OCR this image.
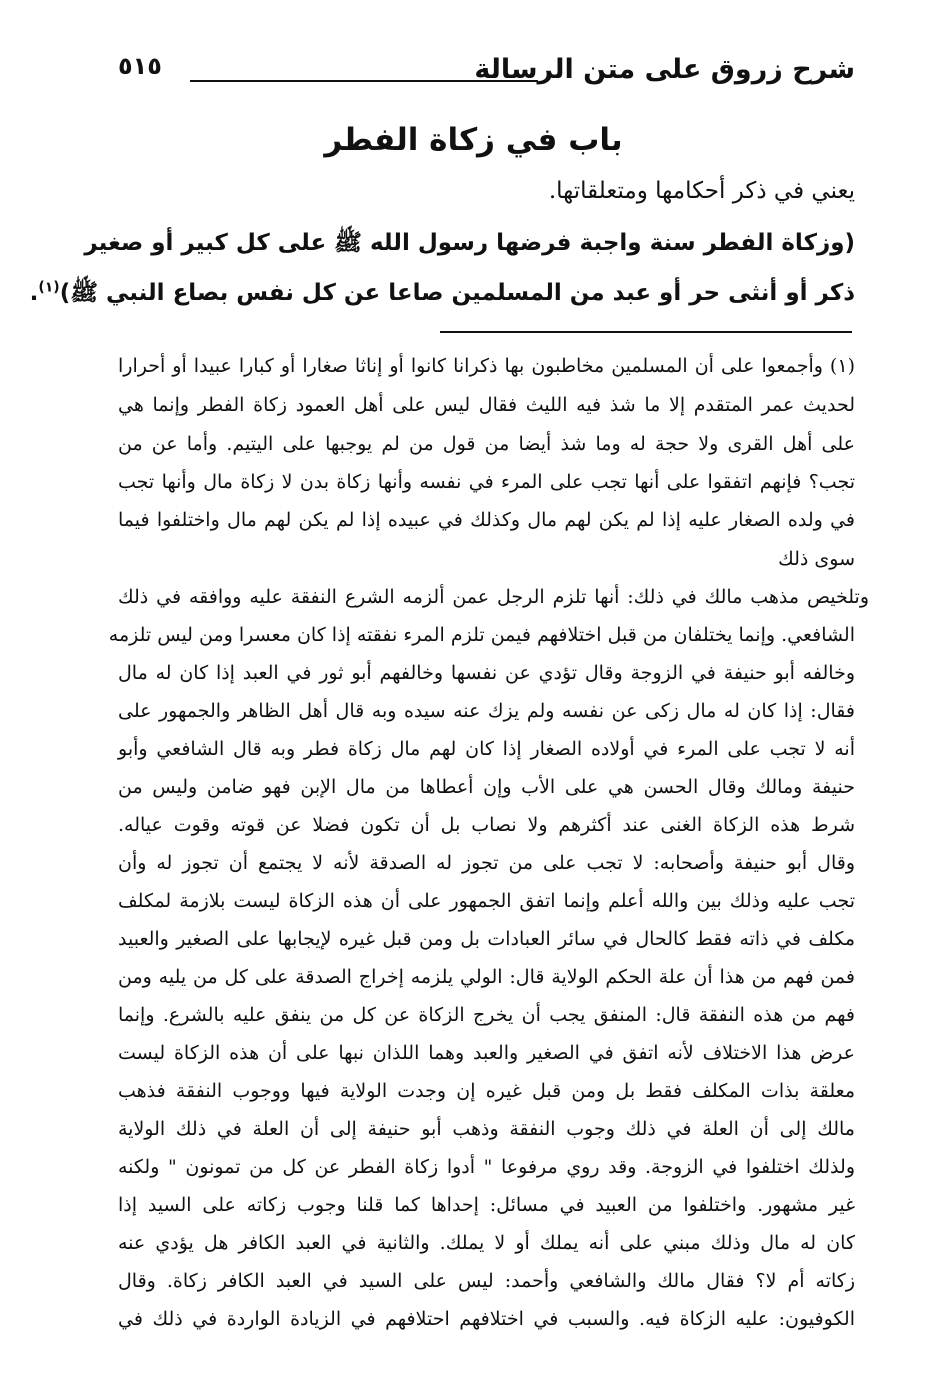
شرح زروق على متن الرسالة
٥١٥
باب في زكاة الفطر
يعني في ذكر أحكامها ومتعلقاتها.
(وزكاة الفطر سنة واجبة فرضها رسول الله ﷺ على كل كبير أو صغير
ذكر أو أنثى حر أو عبد من المسلمين صاعا عن كل نفس بصاع النبي ﷺ)$^{(١)}$.
(١) وأجمعوا على أن المسلمين مخاطبون بها ذكرانا كانوا أو إناثا صغارا أو كبارا عبيدا أو أحرارا
لحديث عمر المتقدم إلا ما شذ فيه الليث فقال ليس على أهل العمود زكاة الفطر وإنما هي
على أهل القرى ولا حجة له وما شذ أيضا من قول من لم يوجبها على اليتيم. وأما عن من
تجب؟ فإنهم اتفقوا على أنها تجب على المرء في نفسه وأنها زكاة بدن لا زكاة مال وأنها تجب
في ولده الصغار عليه إذا لم يكن لهم مال وكذلك في عبيده إذا لم يكن لهم مال واختلفوا فيما
سوى ذلك
وتلخيص مذهب مالك في ذلك: أنها تلزم الرجل عمن ألزمه الشرع النفقة عليه ووافقه في ذلك
الشافعي. وإنما يختلفان من قبل اختلافهم فيمن تلزم المرء نفقته إذا كان معسرا ومن ليس تلزمه
وخالفه أبو حنيفة في الزوجة وقال تؤدي عن نفسها وخالفهم أبو ثور في العبد إذا كان له مال
فقال: إذا كان له مال زكى عن نفسه ولم يزك عنه سيده وبه قال أهل الظاهر والجمهور على
أنه لا تجب على المرء في أولاده الصغار إذا كان لهم مال زكاة فطر وبه قال الشافعي وأبو
حنيفة ومالك وقال الحسن هي على الأب وإن أعطاها من مال الإبن فهو ضامن وليس من
شرط هذه الزكاة الغنى عند أكثرهم ولا نصاب بل أن تكون فضلا عن قوته وقوت عياله.
وقال أبو حنيفة وأصحابه: لا تجب على من تجوز له الصدقة لأنه لا يجتمع أن تجوز له وأن
تجب عليه وذلك بين والله أعلم وإنما اتفق الجمهور على أن هذه الزكاة ليست بلازمة لمكلف
مكلف في ذاته فقط كالحال في سائر العبادات بل ومن قبل غيره لإيجابها على الصغير والعبيد
فمن فهم من هذا أن علة الحكم الولاية قال: الولي يلزمه إخراج الصدقة على كل من يليه ومن
فهم من هذه النفقة قال: المنفق يجب أن يخرج الزكاة عن كل من ينفق عليه بالشرع. وإنما
عرض هذا الاختلاف لأنه اتفق في الصغير والعبد وهما اللذان نبها على أن هذه الزكاة ليست
معلقة بذات المكلف فقط بل ومن قبل غيره إن وجدت الولاية فيها ووجوب النفقة فذهب
مالك إلى أن العلة في ذلك وجوب النفقة وذهب أبو حنيفة إلى أن العلة في ذلك الولاية
ولذلك اختلفوا في الزوجة. وقد روي مرفوعا " أدوا زكاة الفطر عن كل من تمونون " ولكنه
غير مشهور. واختلفوا من العبيد في مسائل: إحداها كما قلنا وجوب زكاته على السيد إذا
كان له مال وذلك مبني على أنه يملك أو لا يملك. والثانية في العبد الكافر هل يؤدي عنه
زكاته أم لا؟ فقال مالك والشافعي وأحمد: ليس على السيد في العبد الكافر زكاة. وقال
الكوفيون: عليه الزكاة فيه. والسبب في اختلافهم احتلافهم في الزيادة الواردة في ذلك في
